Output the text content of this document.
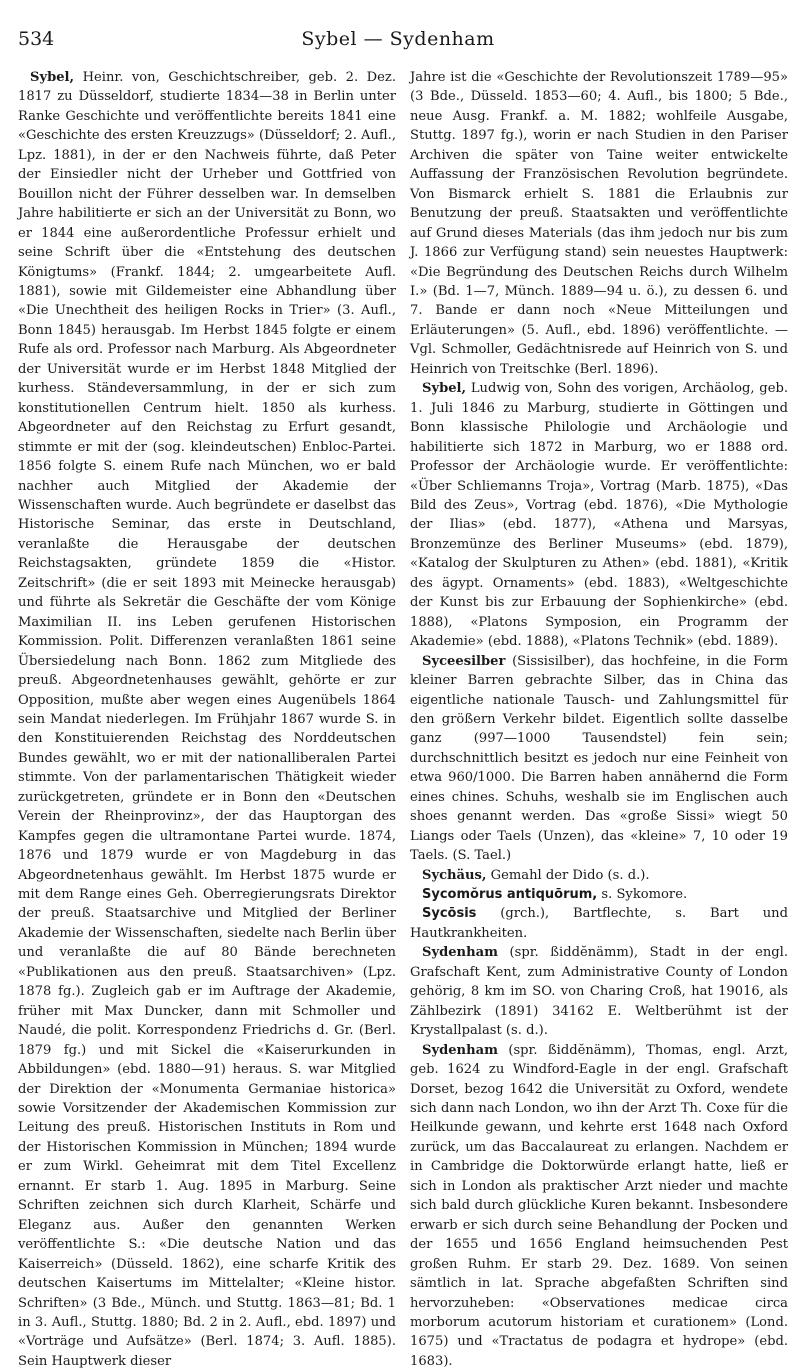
534	Sybel — Sydenham

Sybel, Heinr. von, Geschichtschreiber, geb. 2. Dez. 1817 zu Düsseldorf, studierte 1834—38 in Berlin unter Ranke Geschichte und veröffentlichte bereits 1841 eine «Geschichte des ersten Kreuzzugs» (Düsseldorf; 2. Aufl., Lpz. 1881), in der er den Nachweis führte, daß Peter der Einsiedler nicht der Urheber und Gottfried von Bouillon nicht der Führer desselben war. In demselben Jahre habilitierte er sich an der Universität zu Bonn, wo er 1844 eine außerordentliche Professur erhielt und seine Schrift über die «Entstehung des deutschen Königtums» (Frankf. 1844; 2. umgearbeitete Aufl. 1881), sowie mit Gildemeister eine Abhandlung über «Die Unechtheit des heiligen Rocks in Trier» (3. Aufl., Bonn 1845) herausgab. Im Herbst 1845 folgte er einem Rufe als ord. Professor nach Marburg. Als Abgeordneter der Universität wurde er im Herbst 1848 Mitglied der kurhess. Ständeversammlung, in der er sich zum konstitutionellen Centrum hielt. 1850 als kurhess. Abgeordneter auf den Reichstag zu Erfurt gesandt, stimmte er mit der (sog. kleindeutschen) Enbloc-Partei. 1856 folgte S. einem Rufe nach München, wo er bald nachher auch Mitglied der Akademie der Wissenschaften wurde. Auch begründete er daselbst das Historische Seminar, das erste in Deutschland, veranlaßte die Herausgabe der deutschen Reichstagsakten, gründete 1859 die «Histor. Zeitschrift» (die er seit 1893 mit Meinecke herausgab) und führte als Sekretär die Geschäfte der vom Könige Maximilian II. ins Leben gerufenen Historischen Kommission. Polit. Differenzen veranlaßten 1861 seine Übersiedelung nach Bonn. 1862 zum Mitgliede des preuß. Abgeordnetenhauses gewählt, gehörte er zur Opposition, mußte aber wegen eines Augenübels 1864 sein Mandat niederlegen. Im Frühjahr 1867 wurde S. in den Konstituierenden Reichstag des Norddeutschen Bundes gewählt, wo er mit der nationalliberalen Partei stimmte. Von der parlamentarischen Thätigkeit wieder zurückgetreten, gründete er in Bonn den «Deutschen Verein der Rheinprovinz», der das Hauptorgan des Kampfes gegen die ultramontane Partei wurde. 1874, 1876 und 1879 wurde er von Magdeburg in das Abgeordnetenhaus gewählt. Im Herbst 1875 wurde er mit dem Range eines Geh. Oberregierungsrats Direktor der preuß. Staatsarchive und Mitglied der Berliner Akademie der Wissenschaften, siedelte nach Berlin über und veranlaßte die auf 80 Bände berechneten «Publikationen aus den preuß. Staatsarchiven» (Lpz. 1878 fg.). Zugleich gab er im Auftrage der Akademie, früher mit Max Duncker, dann mit Schmoller und Naudé, die polit. Korrespondenz Friedrichs d. Gr. (Berl. 1879 fg.) und mit Sickel die «Kaiserurkunden in Abbildungen» (ebd. 1880—91) heraus. S. war Mitglied der Direktion der «Monumenta Germaniae historica» sowie Vorsitzender der Akademischen Kommission zur Leitung des preuß. Historischen Instituts in Rom und der Historischen Kommission in München; 1894 wurde er zum Wirkl. Geheimrat mit dem Titel Excellenz ernannt. Er starb 1. Aug. 1895 in Marburg. Seine Schriften zeichnen sich durch Klarheit, Schärfe und Eleganz aus. Außer den genannten Werken veröffentlichte S.: «Die deutsche Nation und das Kaiserreich» (Düsseld. 1862), eine scharfe Kritik des deutschen Kaisertums im Mittelalter; «Kleine histor. Schriften» (3 Bde., Münch. und Stuttg. 1863—81; Bd. 1 in 3. Aufl., Stuttg. 1880; Bd. 2 in 2. Aufl., ebd. 1897) und «Vorträge und Aufsätze» (Berl. 1874; 3. Aufl. 1885). Sein Hauptwerk dieser

Jahre ist die «Geschichte der Revolutionszeit 1789—95» (3 Bde., Düsseld. 1853—60; 4. Aufl., bis 1800; 5 Bde., neue Ausg. Frankf. a. M. 1882; wohlfeile Ausgabe, Stuttg. 1897 fg.), worin er nach Studien in den Pariser Archiven die später von Taine weiter entwickelte Auffassung der Französischen Revolution begründete. Von Bismarck erhielt S. 1881 die Erlaubnis zur Benutzung der preuß. Staatsakten und veröffentlichte auf Grund dieses Materials (das ihm jedoch nur bis zum J. 1866 zur Verfügung stand) sein neuestes Hauptwerk: «Die Begründung des Deutschen Reichs durch Wilhelm I.» (Bd. 1—7, Münch. 1889—94 u. ö.), zu dessen 6. und 7. Bande er dann noch «Neue Mitteilungen und Erläuterungen» (5. Aufl., ebd. 1896) veröffentlichte. — Vgl. Schmoller, Gedächtnisrede auf Heinrich von S. und Heinrich von Treitschke (Berl. 1896).

Sybel, Ludwig von, Sohn des vorigen, Archäolog, geb. 1. Juli 1846 zu Marburg, studierte in Göttingen und Bonn klassische Philologie und Archäologie und habilitierte sich 1872 in Marburg, wo er 1888 ord. Professor der Archäologie wurde. Er veröffentlichte: «Über Schliemanns Troja», Vortrag (Marb. 1875), «Das Bild des Zeus», Vortrag (ebd. 1876), «Die Mythologie der Ilias» (ebd. 1877), «Athena und Marsyas, Bronzemünze des Berliner Museums» (ebd. 1879), «Katalog der Skulpturen zu Athen» (ebd. 1881), «Kritik des ägypt. Ornaments» (ebd. 1883), «Weltgeschichte der Kunst bis zur Erbauung der Sophienkirche» (ebd. 1888), «Platons Symposion, ein Programm der Akademie» (ebd. 1888), «Platons Technik» (ebd. 1889).

Syceesilber (Sissisilber), das hochfeine, in die Form kleiner Barren gebrachte Silber, das in China das eigentliche nationale Tausch- und Zahlungsmittel für den größern Verkehr bildet. Eigentlich sollte dasselbe ganz (997—1000 Tausendstel) fein sein; durchschnittlich besitzt es jedoch nur eine Feinheit von etwa 960/1000. Die Barren haben annähernd die Form eines chines. Schuhs, weshalb sie im Englischen auch shoes genannt werden. Das «große Sissi» wiegt 50 Liangs oder Taels (Unzen), das «kleine» 7, 10 oder 19 Taels. (S. Tael.)

Sychäus, Gemahl der Dido (s. d.).

Sycomŏrus antiquōrum, s. Sykomore.

Sycōsis (grch.), Bartflechte, s. Bart und Hautkrankheiten.

Sydenham (spr. ßiddĕnämm), Stadt in der engl. Grafschaft Kent, zum Administrative County of London gehörig, 8 km im SO. von Charing Croß, hat 19016, als Zählbezirk (1891) 34162 E. Weltberühmt ist der Krystallpalast (s. d.).

Sydenham (spr. ßiddĕnämm), Thomas, engl. Arzt, geb. 1624 zu Windford-Eagle in der engl. Grafschaft Dorset, bezog 1642 die Universität zu Oxford, wendete sich dann nach London, wo ihn der Arzt Th. Coxe für die Heilkunde gewann, und kehrte erst 1648 nach Oxford zurück, um das Baccalaureat zu erlangen. Nachdem er in Cambridge die Doktorwürde erlangt hatte, ließ er sich in London als praktischer Arzt nieder und machte sich bald durch glückliche Kuren bekannt. Insbesondere erwarb er sich durch seine Behandlung der Pocken und der 1655 und 1656 England heimsuchenden Pest großen Ruhm. Er starb 29. Dez. 1689. Von seinen sämtlich in lat. Sprache abgefaßten Schriften sind hervorzuheben: «Observationes medicae circa morborum acutorum historiam et curationem» (Lond. 1675) und «Tractatus de podagra et hydrope» (ebd. 1683).
